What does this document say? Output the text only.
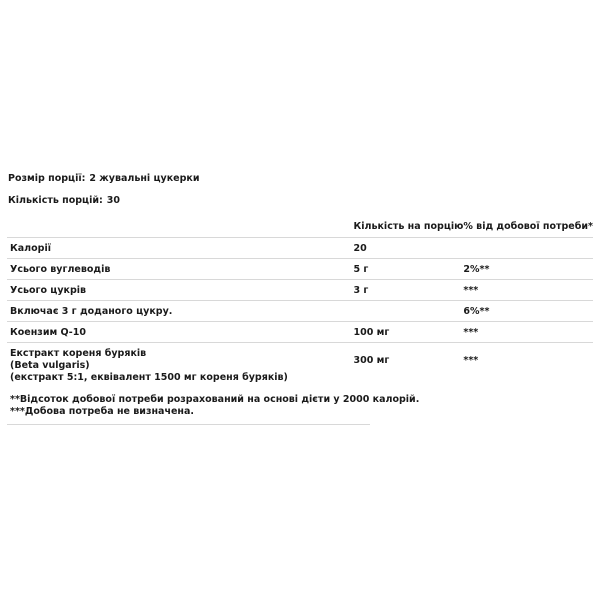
Розмір порції: 2 жувальні цукерки
Кількість порцій: 30
	Кількість на порцію	% від добової потреби*
Калорії	20	
Усього вуглеводів	5 г	2%**
Усього цукрів	3 г	***
Включає 3 г доданого цукру.		6%**
Коензим Q-10	100 мг	***

Екстракт кореня буряків
(Beta vulgaris)
(екстракт 5:1, еквівалент 1500 мг кореня буряків)	300 мг	***
**Відсоток добової потреби розрахований на основі дієти у 2000 калорій.
***Добова потреба не визначена.
